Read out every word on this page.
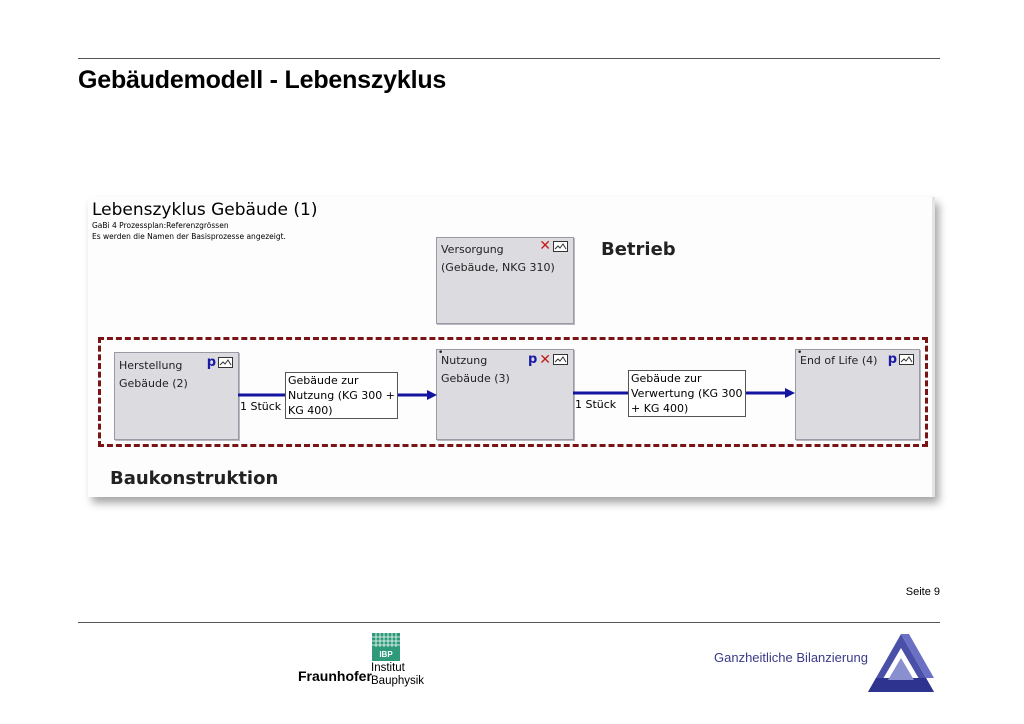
Gebäudemodell - Lebenszyklus
Lebenszyklus Gebäude (1)
GaBi 4 Prozessplan:Referenzgrössen
Es werden die Namen der Basisprozesse angezeigt.
Versorgung
(Gebäude, NKG 310)
✕	Betrieb
Herstellung
Gebäude (2)
p
•
Nutzung
Gebäude (3)
p ✕	•
End of Life (4) p
1 Stück
Gebäude zur
Nutzung (KG 300 +
KG 400)	1 Stück
Gebäude zur
Verwertung (KG 300
+ KG 400)
Baukonstruktion
Seite 9
IBP
Fraunhofer Institut
Bauphysik
Ganzheitliche Bilanzierung
